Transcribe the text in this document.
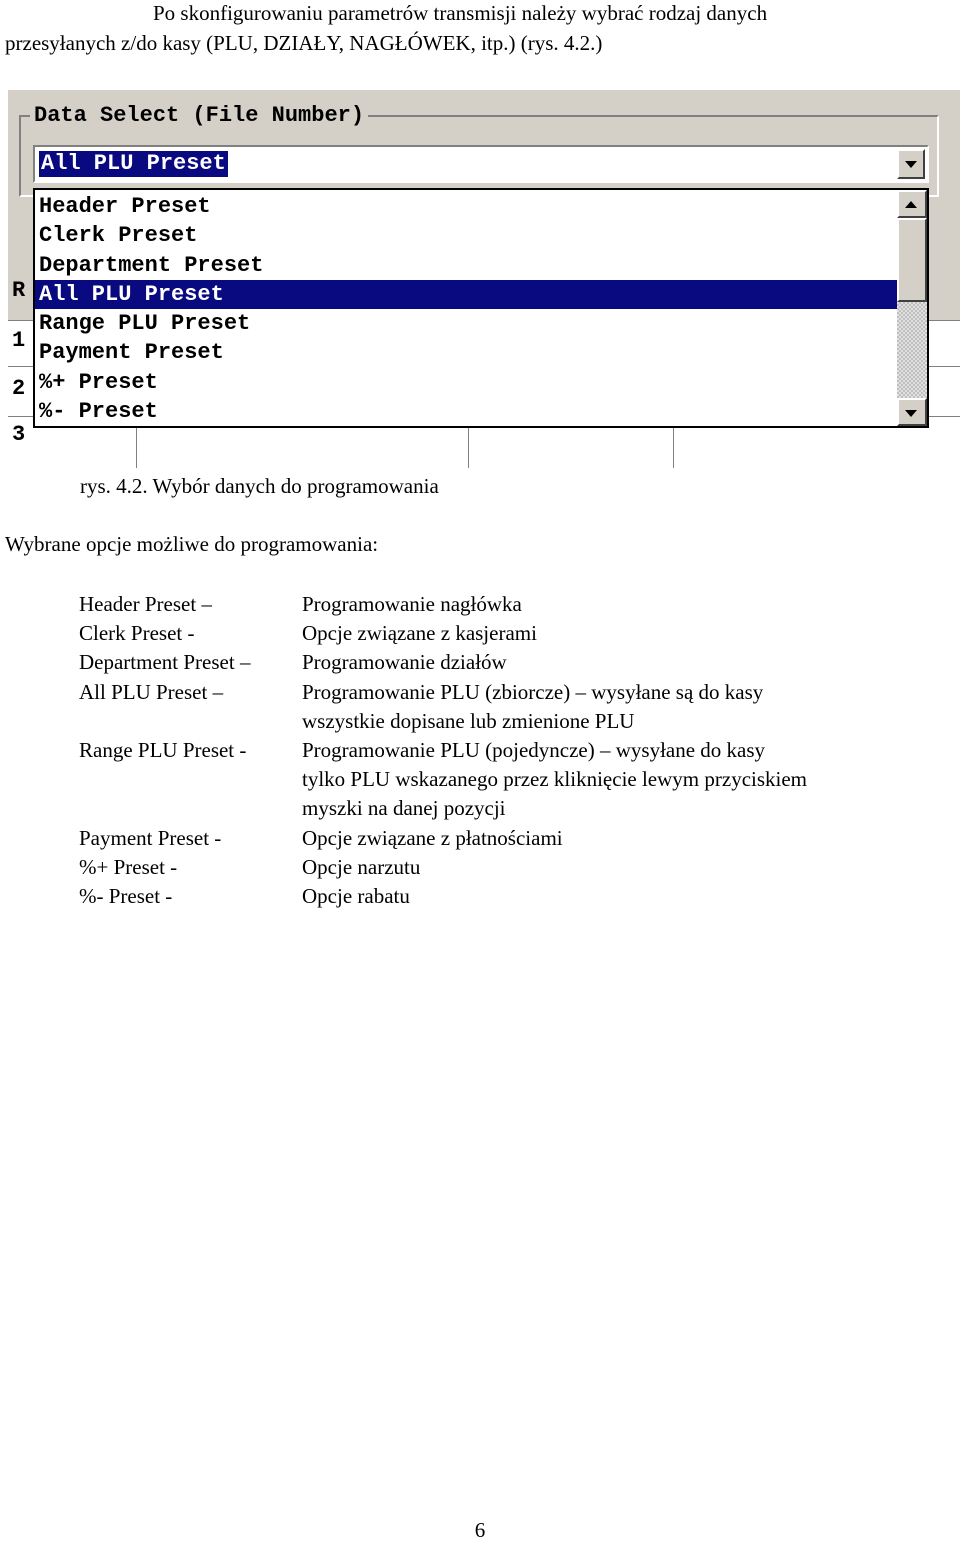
Po skonfigurowaniu parametrów transmisji należy wybrać rodzaj danych
przesyłanych z/do kasy (PLU, DZIAŁY, NAGŁÓWEK, itp.) (rys. 4.2.)
R
1
2
3
Data Select (File Number)
All PLU Preset
Header Preset
Clerk Preset
Department Preset
All PLU Preset
Range PLU Preset
Payment Preset
%+ Preset
%- Preset
rys. 4.2. Wybór danych do programowania
Wybrane opcje możliwe do programowania:
Header Preset –	Programowanie nagłówka
Clerk Preset -	Opcje związane z kasjerami
Department Preset –	Programowanie działów
All PLU Preset –	Programowanie PLU (zbiorcze) – wysyłane są do kasy
wszystkie dopisane lub zmienione PLU
Range PLU Preset -	Programowanie PLU (pojedyncze) – wysyłane do kasy
tylko PLU wskazanego przez kliknięcie lewym przyciskiem
myszki na danej pozycji
Payment Preset -	Opcje związane z płatnościami
%+ Preset -	Opcje narzutu
%- Preset -	Opcje rabatu
6
